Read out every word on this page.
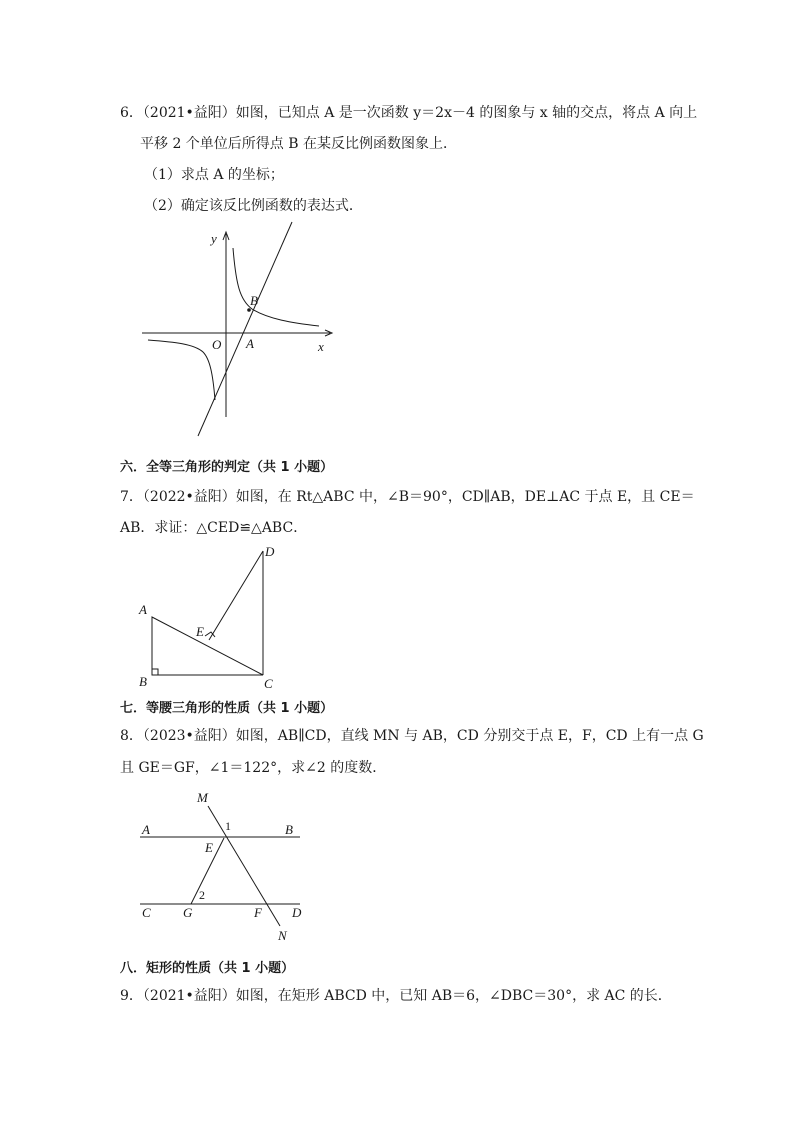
6．（2021•益阳）如图，已知点 A 是一次函数 y＝2x－4 的图象与 x 轴的交点，将点 A 向上
平移 2 个单位后所得点 B 在某反比例函数图象上．
（1）求点 A 的坐标；
（2）确定该反比例函数的表达式．
y
x
O A
B
A
B	C
D
E
M
N
A	B
C	D
E
F
G
1
2
六．全等三角形的判定（共 1 小题）
7．（2022•益阳）如图，在 Rt△ABC 中，∠B＝90°，CD∥AB，DE⊥AC 于点 E，且 CE＝
AB．求证：△CED≌△ABC．
七．等腰三角形的性质（共 1 小题）
8．（2023•益阳）如图，AB∥CD，直线 MN 与 AB，CD 分别交于点 E，F，CD 上有一点 G
且 GE＝GF，∠1＝122°，求∠2 的度数．
八．矩形的性质（共 1 小题）
9．（2021•益阳）如图，在矩形 ABCD 中，已知 AB＝6，∠DBC＝30°，求 AC 的长．
